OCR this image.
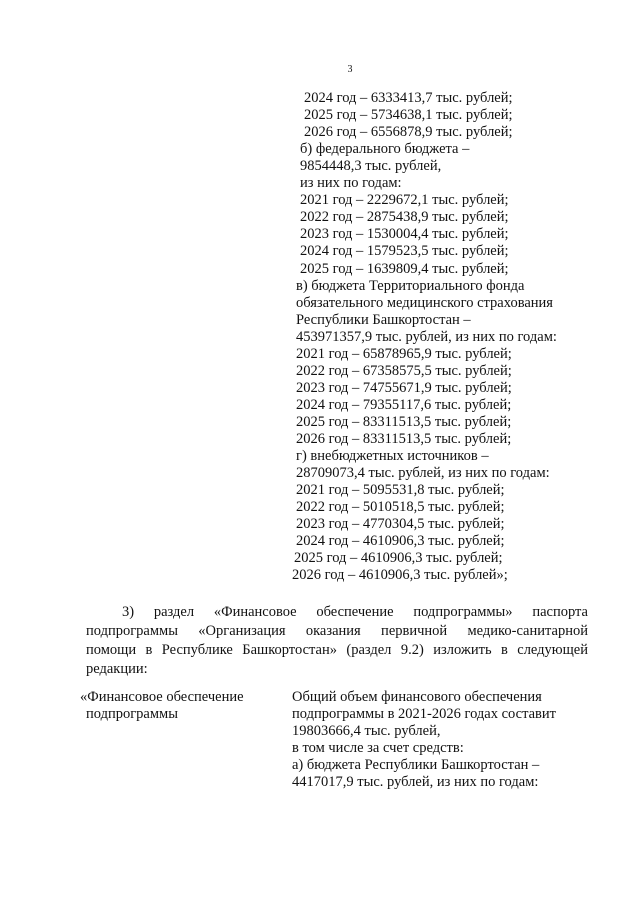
3
2024 год – 6333413,7 тыс. рублей;
2025 год – 5734638,1 тыс. рублей;
2026 год – 6556878,9 тыс. рублей;
б) федерального бюджета –
9854448,3 тыс. рублей,
из них по годам:
2021 год – 2229672,1 тыс. рублей;
2022 год – 2875438,9 тыс. рублей;
2023 год – 1530004,4 тыс. рублей;
2024 год – 1579523,5 тыс. рублей;
2025 год – 1639809,4 тыс. рублей;
в) бюджета Территориального фонда
обязательного медицинского страхования
Республики Башкортостан –
453971357,9 тыс. рублей, из них по годам:
2021 год – 65878965,9 тыс. рублей;
2022 год – 67358575,5 тыс. рублей;
2023 год – 74755671,9 тыс. рублей;
2024 год – 79355117,6 тыс. рублей;
2025 год – 83311513,5 тыс. рублей;
2026 год – 83311513,5 тыс. рублей;
г) внебюджетных источников –
28709073,4 тыс. рублей, из них по годам:
2021 год – 5095531,8 тыс. рублей;
2022 год – 5010518,5 тыс. рублей;
2023 год – 4770304,5 тыс. рублей;
2024 год – 4610906,3 тыс. рублей;
2025 год – 4610906,3 тыс. рублей;
2026 год – 4610906,3 тыс. рублей»;
3) раздел «Финансовое обеспечение подпрограммы» паспорта
подпрограммы «Организация оказания первичной медико-санитарной
помощи в Республике Башкортостан» (раздел 9.2) изложить в следующей
редакции:
«Финансовое обеспечение
подпрограммы
Общий объем финансового обеспечения
подпрограммы в 2021-2026 годах составит
19803666,4 тыс. рублей,
в том числе за счет средств:
а) бюджета Республики Башкортостан –
4417017,9 тыс. рублей, из них по годам:
